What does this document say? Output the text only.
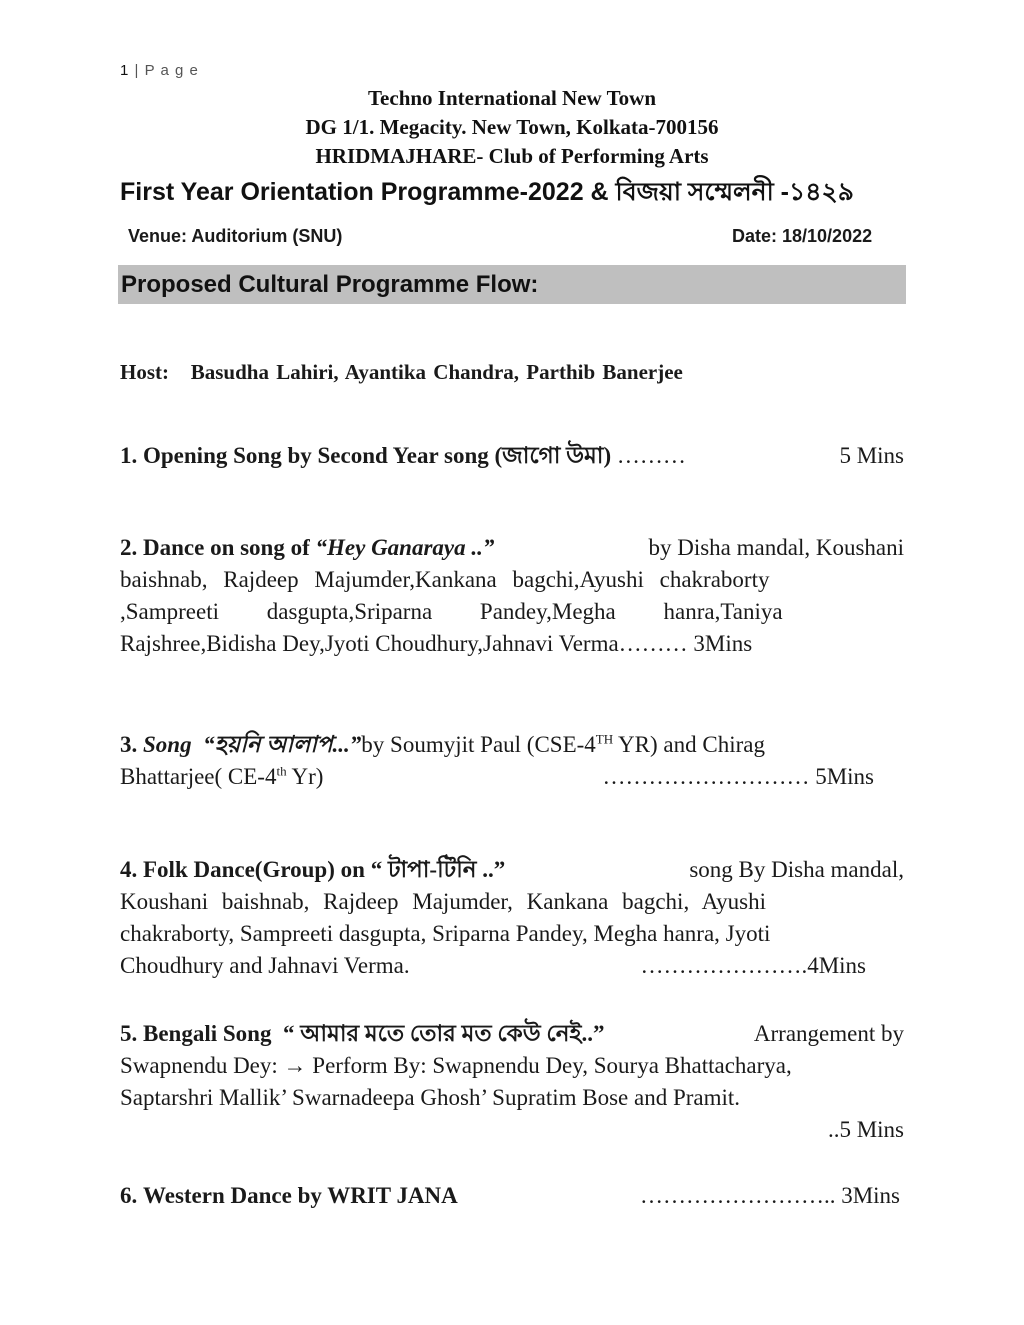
1 | P a g e
Techno International New Town
DG 1/1. Megacity. New Town, Kolkata-700156
HRIDMAJHARE- Club of Performing Arts
First Year Orientation Programme-2022 & বিজয়া সম্মেলনী -১৪২৯
Venue: Auditorium (SNU)	Date: 18/10/2022
Proposed Cultural Programme Flow:
Host: Basudha Lahiri, Ayantika Chandra, Parthib Banerjee
1. Opening Song by Second Year song (জাগো উমা) ………	5 Mins
2. Dance on song of “Hey Ganaraya ..”	by Disha mandal, Koushani
baishnab, Rajdeep Majumder,Kankana bagchi,Ayushi chakraborty
,Sampreeti dasgupta,Sriparna Pandey,Megha hanra,Taniya
Rajshree,Bidisha Dey,Jyoti Choudhury,Jahnavi Verma……… 3Mins
3. Song “হয়নি আলাপ...”by Soumyjit Paul (CSE-4TH YR) and Chirag
Bhattarjee( CE-4th Yr)	……………………… 5Mins
4. Folk Dance(Group) on “ টাপা-টিনি ..”	song By Disha mandal,
Koushani baishnab, Rajdeep Majumder, Kankana bagchi, Ayushi
chakraborty, Sampreeti dasgupta, Sriparna Pandey, Megha hanra, Jyoti
Choudhury and Jahnavi Verma.	………………….4Mins
5. Bengali Song “ আমার মতে তোর মত কেউ নেই..”	Arrangement by
Swapnendu Dey: → Perform By: Swapnendu Dey, Sourya Bhattacharya,
Saptarshri Mallik’ Swarnadeepa Ghosh’ Supratim Bose and Pramit.
..5 Mins
6. Western Dance by WRIT JANA	…………………….. 3Mins
